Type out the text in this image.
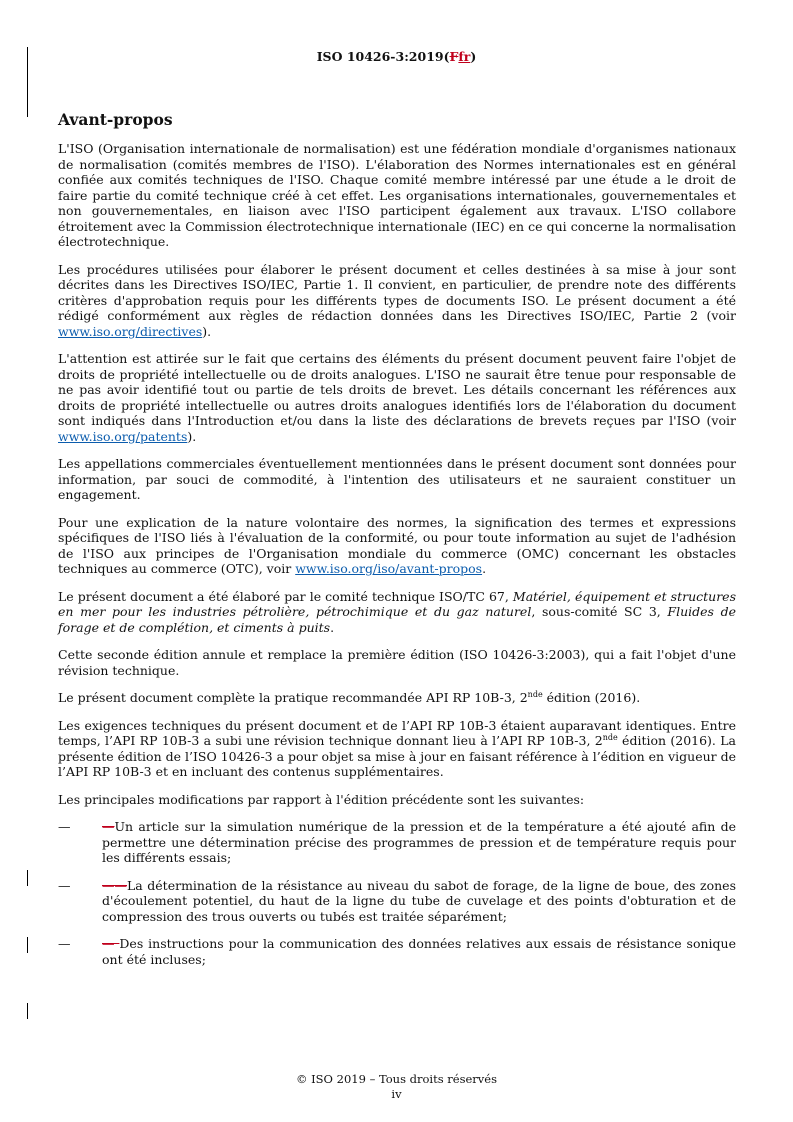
ISO 10426-3:2019(Ffr)
Avant-propos

L'ISO (Organisation internationale de normalisation) est une fédération mondiale d'organismes nationaux de normalisation (comités membres de l'ISO). L'élaboration des Normes internationales est en général confiée aux comités techniques de l'ISO. Chaque comité membre intéressé par une étude a le droit de faire partie du comité technique créé à cet effet. Les organisations internationales, gouvernementales et non gouvernementales, en liaison avec l'ISO participent également aux travaux. L'ISO collabore étroitement avec la Commission électrotechnique internationale (IEC) en ce qui concerne la normalisation électrotechnique.

Les procédures utilisées pour élaborer le présent document et celles destinées à sa mise à jour sont décrites dans les Directives ISO/IEC, Partie 1. Il convient, en particulier, de prendre note des différents critères d'approbation requis pour les différents types de documents ISO. Le présent document a été rédigé conformément aux règles de rédaction données dans les Directives ISO/IEC, Partie 2 (voir www.iso.org/directives).

L'attention est attirée sur le fait que certains des éléments du présent document peuvent faire l'objet de droits de propriété intellectuelle ou de droits analogues. L'ISO ne saurait être tenue pour responsable de ne pas avoir identifié tout ou partie de tels droits de brevet. Les détails concernant les références aux droits de propriété intellectuelle ou autres droits analogues identifiés lors de l'élaboration du document sont indiqués dans l'Introduction et/ou dans la liste des déclarations de brevets reçues par l'ISO (voir www.iso.org/patents).

Les appellations commerciales éventuellement mentionnées dans le présent document sont données pour information, par souci de commodité, à l'intention des utilisateurs et ne sauraient constituer un engagement.

Pour une explication de la nature volontaire des normes, la signification des termes et expressions spécifiques de l'ISO liés à l'évaluation de la conformité, ou pour toute information au sujet de l'adhésion de l'ISO aux principes de l'Organisation mondiale du commerce (OMC) concernant les obstacles techniques au commerce (OTC), voir www.iso.org/iso/avant-propos.

Le présent document a été élaboré par le comité technique ISO/TC 67, Matériel, équipement et structures en mer pour les industries pétrolière, pétrochimique et du gaz naturel, sous-comité SC 3, Fluides de forage et de complétion, et ciments à puits.

Cette seconde édition annule et remplace la première édition (ISO 10426-3:2003), qui a fait l'objet d'une révision technique.

Le présent document complète la pratique recommandée API RP 10B-3, 2nde édition (2016).

Les exigences techniques du présent document et de l’API RP 10B-3 étaient auparavant identiques. Entre temps, l’API RP 10B-3 a subi une révision technique donnant lieu à l’API RP 10B-3, 2nde édition (2016). La présente édition de l’ISO 10426-3 a pour objet sa mise à jour en faisant référence à l’édition en vigueur de l’API RP 10B-3 et en incluant des contenus supplémentaires.

Les principales modifications par rapport à l'édition précédente sont les suivantes:

—	—Un article sur la simulation numérique de la pression et de la température a été ajouté afin de permettre une détermination précise des programmes de pression et de température requis pour les différents essais;

—	——La détermination de la résistance au niveau du sabot de forage, de la ligne de boue, des zones d'écoulement potentiel, du haut de la ligne du tube de cuvelage et des points d'obturation et de compression des trous ouverts ou tubés est traitée séparément;

—	— Des instructions pour la communication des données relatives aux essais de résistance sonique ont été incluses;

© ISO 2019 – Tous droits réservés
iv
